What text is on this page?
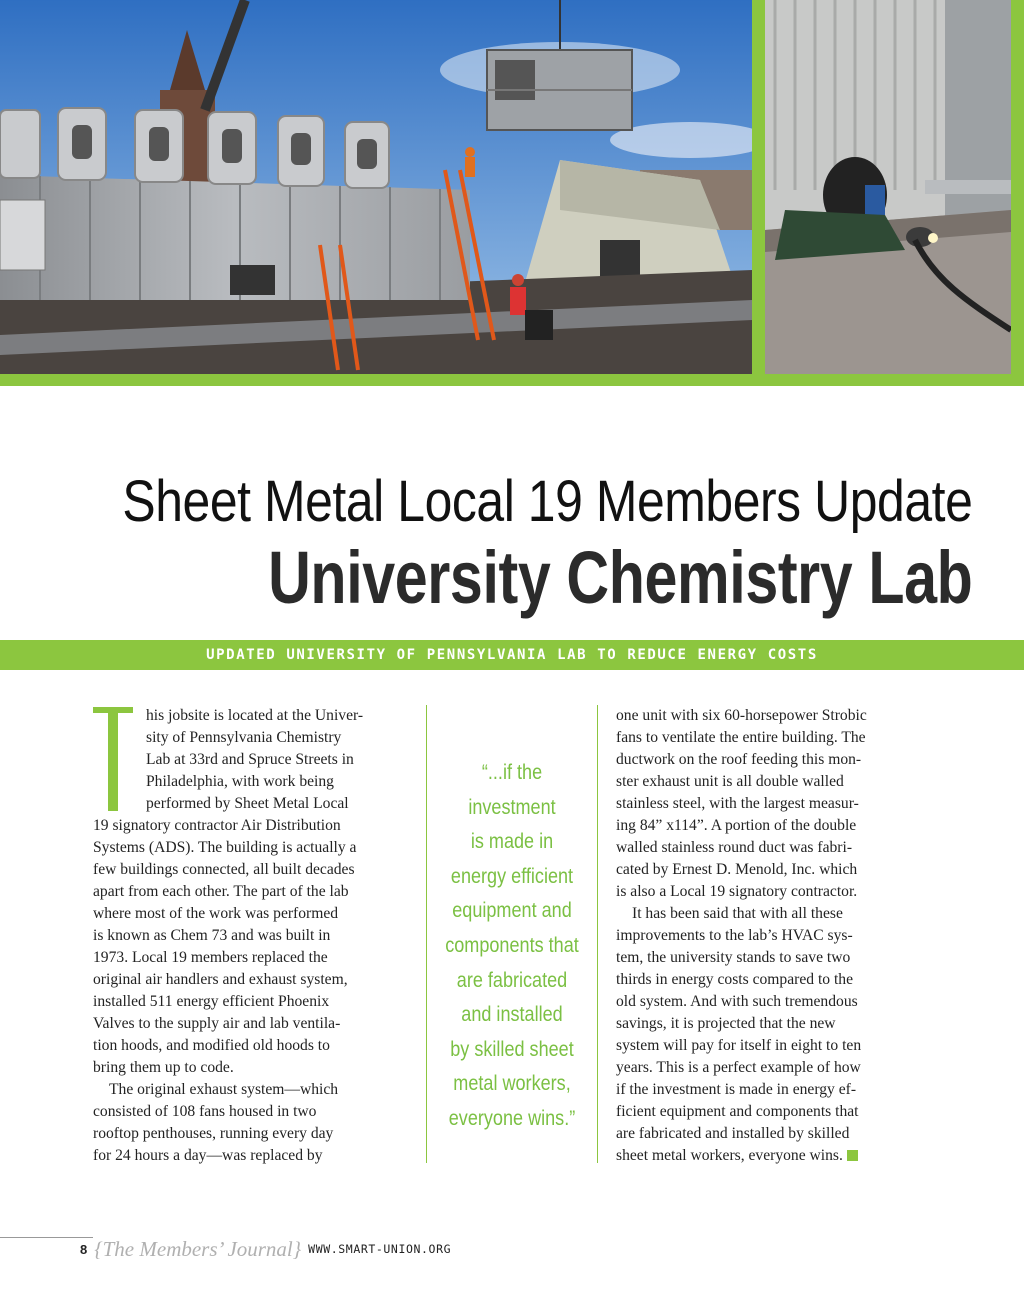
Sheet Metal Local 19 Members Update
University Chemistry Lab
UPDATED UNIVERSITY OF PENNSYLVANIA LAB TO REDUCE ENERGY COSTS

his jobsite is located at the Univer-
sity of Pennsylvania Chemistry
Lab at 33rd and Spruce Streets in
Philadelphia, with work being
performed by Sheet Metal Local
19 signatory contractor Air Distribution
Systems (ADS). The building is actually a
few buildings connected, all built decades
apart from each other. The part of the lab
where most of the work was performed
is known as Chem 73 and was built in
1973. Local 19 members replaced the
original air handlers and exhaust system,
installed 511 energy efficient Phoenix
Valves to the supply air and lab ventila-
tion hoods, and modified old hoods to
bring them up to code.

The original exhaust system—which
consisted of 108 fans housed in two
rooftop penthouses, running every day
for 24 hours a day—was replaced by

“...if the
investment
is made in
energy efficient
equipment and
components that
are fabricated
and installed
by skilled sheet
metal workers,
everyone wins.”

one unit with six 60-horsepower Strobic
fans to ventilate the entire building. The
ductwork on the roof feeding this mon-
ster exhaust unit is all double walled
stainless steel, with the largest measur-
ing 84” x114”. A portion of the double
walled stainless round duct was fabri-
cated by Ernest D. Menold, Inc. which
is also a Local 19 signatory contractor.

It has been said that with all these
improvements to the lab’s HVAC sys-
tem, the university stands to save two
thirds in energy costs compared to the
old system. And with such tremendous
savings, it is projected that the new
system will pay for itself in eight to ten
years. This is a perfect example of how
if the investment is made in energy ef-
ficient equipment and components that
are fabricated and installed by skilled
sheet metal workers, everyone wins.

8 {The Members’ Journal} WWW.SMART-UNION.ORG
